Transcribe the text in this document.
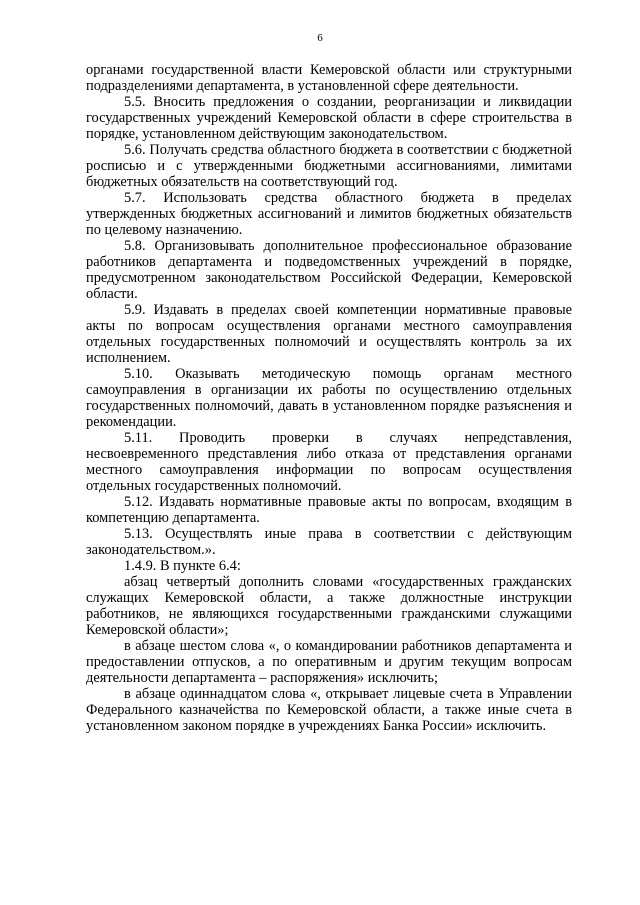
6

органами государственной власти Кемеровской области или структурными подразделениями департамента, в установленной сфере деятельности.

5.5. Вносить предложения о создании, реорганизации и ликвидации государственных учреждений Кемеровской области в сфере строительства в порядке, установленном действующим законодательством.

5.6. Получать средства областного бюджета в соответствии с бюджетной росписью и с утвержденными бюджетными ассигнованиями, лимитами бюджетных обязательств на соответствующий год.

5.7. Использовать средства областного бюджета в пределах утвержденных бюджетных ассигнований и лимитов бюджетных обязательств по целевому назначению.

5.8. Организовывать дополнительное профессиональное образование работников департамента и подведомственных учреждений в порядке, предусмотренном законодательством Российской Федерации, Кемеровской области.

5.9. Издавать в пределах своей компетенции нормативные правовые акты по вопросам осуществления органами местного самоуправления отдельных государственных полномочий и осуществлять контроль за их исполнением.

5.10. Оказывать методическую помощь органам местного самоуправления в организации их работы по осуществлению отдельных государственных полномочий, давать в установленном порядке разъяснения и рекомендации.

5.11. Проводить проверки в случаях непредставления, несвоевременного представления либо отказа от представления органами местного самоуправления информации по вопросам осуществления отдельных государственных полномочий.

5.12. Издавать нормативные правовые акты по вопросам, входящим в компетенцию департамента.

5.13. Осуществлять иные права в соответствии с действующим законодательством.».

1.4.9. В пункте 6.4:

абзац четвертый дополнить словами «государственных гражданских служащих Кемеровской области, а также должностные инструкции работников, не являющихся государственными гражданскими служащими Кемеровской области»;

в абзаце шестом слова «, о командировании работников департамента и предоставлении отпусков, а по оперативным и другим текущим вопросам деятельности департамента – распоряжения» исключить;

в абзаце одиннадцатом слова «, открывает лицевые счета в Управлении Федерального казначейства по Кемеровской области, а также иные счета в установленном законом порядке в учреждениях Банка России» исключить.
